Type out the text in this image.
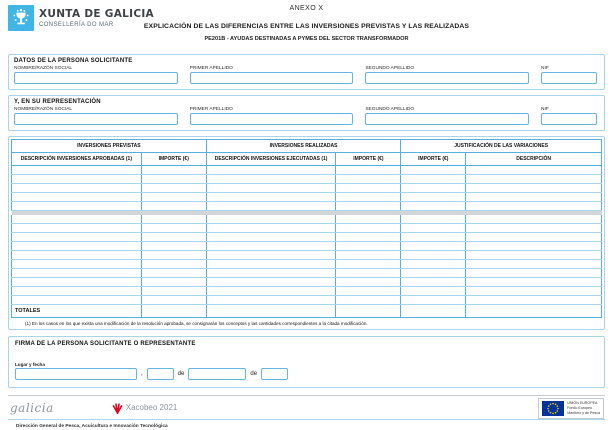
XUNTA DE GALICIA
CONSELLERÍA DO MAR
ANEXO X
EXPLICACIÓN DE LAS DIFERENCIAS ENTRE LAS INVERSIONES PREVISTAS Y LAS REALIZADAS
PE201B - AYUDAS DESTINADAS A PYMES DEL SECTOR TRANSFORMADOR
DATOS DE LA PERSONA SOLICITANTE
NOMBRE/RAZÓN SOCIAL	PRIMER APELLIDO	SEGUNDO APELLIDO	NIF
Y, EN SU REPRESENTACIÓN
NOMBRE/RAZÓN SOCIAL	PRIMER APELLIDO	SEGUNDO APELLIDO	NIF
INVERSIONES PREVISTAS		INVERSIONES REALIZADAS		JUSTIFICACIÓN DE LAS VARIACIONES	
DESCRIPCIÓN INVERSIONES APROBADAS (1)	IMPORTE (€)	DESCRIPCIÓN INVERSIONES EJECUTADAS (1)	IMPORTE (€)	IMPORTE (€)	DESCRIPCIÓN

TOTALES					
(1) En los casos en los que exista una modificación de la resolución aprobada, se consignarán los conceptos y las cantidades correspondientes a la citada modificación.
FIRMA DE LA PERSONA SOLICITANTE O REPRESENTANTE
Lugar y fecha
,	de	de
galicia	Xacobeo 2021	UNIÓN EUROPEA
Fondo Europeo
Marítimo y de Pesca
Dirección General de Pesca, Acuicultura e Innovación Tecnológica
